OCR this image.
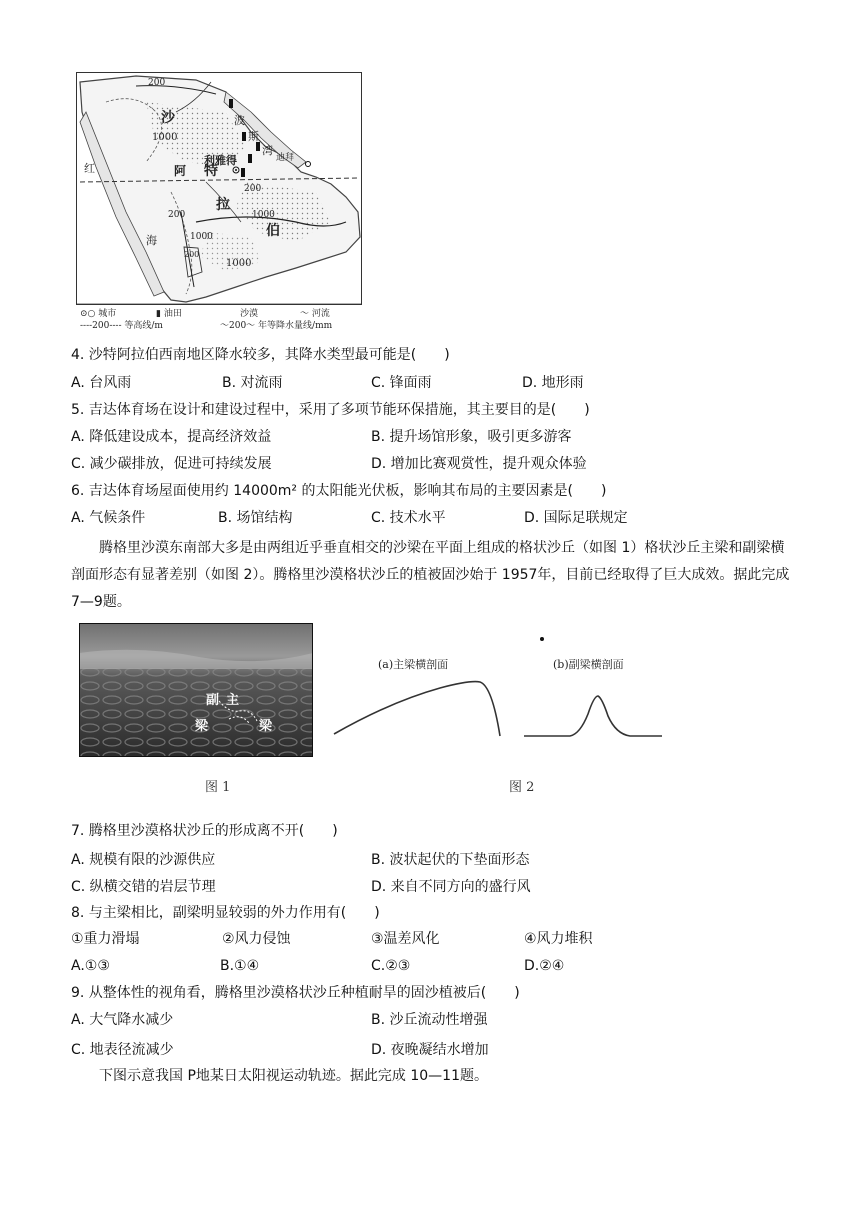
沙
特
阿
拉
伯
利雅得
波
斯
湾
迪拜
红
海
200
1000
200
200
1000
1000
1000
200
⊙○ 城市	▮ 油田	沙漠	～ 河流
----200---- 等高线/m	～200～ 年等降水量线/mm
4. 沙特阿拉伯西南地区降水较多，其降水类型最可能是(　　)
A. 台风雨	B. 对流雨	C. 锋面雨	D. 地形雨
5. 吉达体育场在设计和建设过程中，采用了多项节能环保措施，其主要目的是(　　)
A. 降低建设成本，提高经济效益	B. 提升场馆形象，吸引更多游客
C. 减少碳排放，促进可持续发展	D. 增加比赛观赏性，提升观众体验
6. 吉达体育场屋面使用约 14000m² 的太阳能光伏板，影响其布局的主要因素是(　　)
A. 气候条件	B. 场馆结构	C. 技术水平	D. 国际足联规定
腾格里沙漠东南部大多是由两组近乎垂直相交的沙梁在平面上组成的格状沙丘（如图 1）格状沙丘主梁和副梁横剖面形态有显著差别（如图 2）。腾格里沙漠格状沙丘的植被固沙始于 1957年，目前已经取得了巨大成效。据此完成 7—9题。
副 主
梁	梁
(a)主梁横剖面	(b)副梁横剖面
图 1	图 2
7. 腾格里沙漠格状沙丘的形成离不开(　　)
A. 规模有限的沙源供应	B. 波状起伏的下垫面形态
C. 纵横交错的岩层节理	D. 来自不同方向的盛行风
8. 与主梁相比，副梁明显较弱的外力作用有(　　)
①重力滑塌	②风力侵蚀	③温差风化	④风力堆积
A.①③	B.①④	C.②③	D.②④
9. 从整体性的视角看，腾格里沙漠格状沙丘种植耐旱的固沙植被后(　　)
A. 大气降水减少	B. 沙丘流动性增强
C. 地表径流减少	D. 夜晚凝结水增加
下图示意我国 P地某日太阳视运动轨迹。据此完成 10—11题。
